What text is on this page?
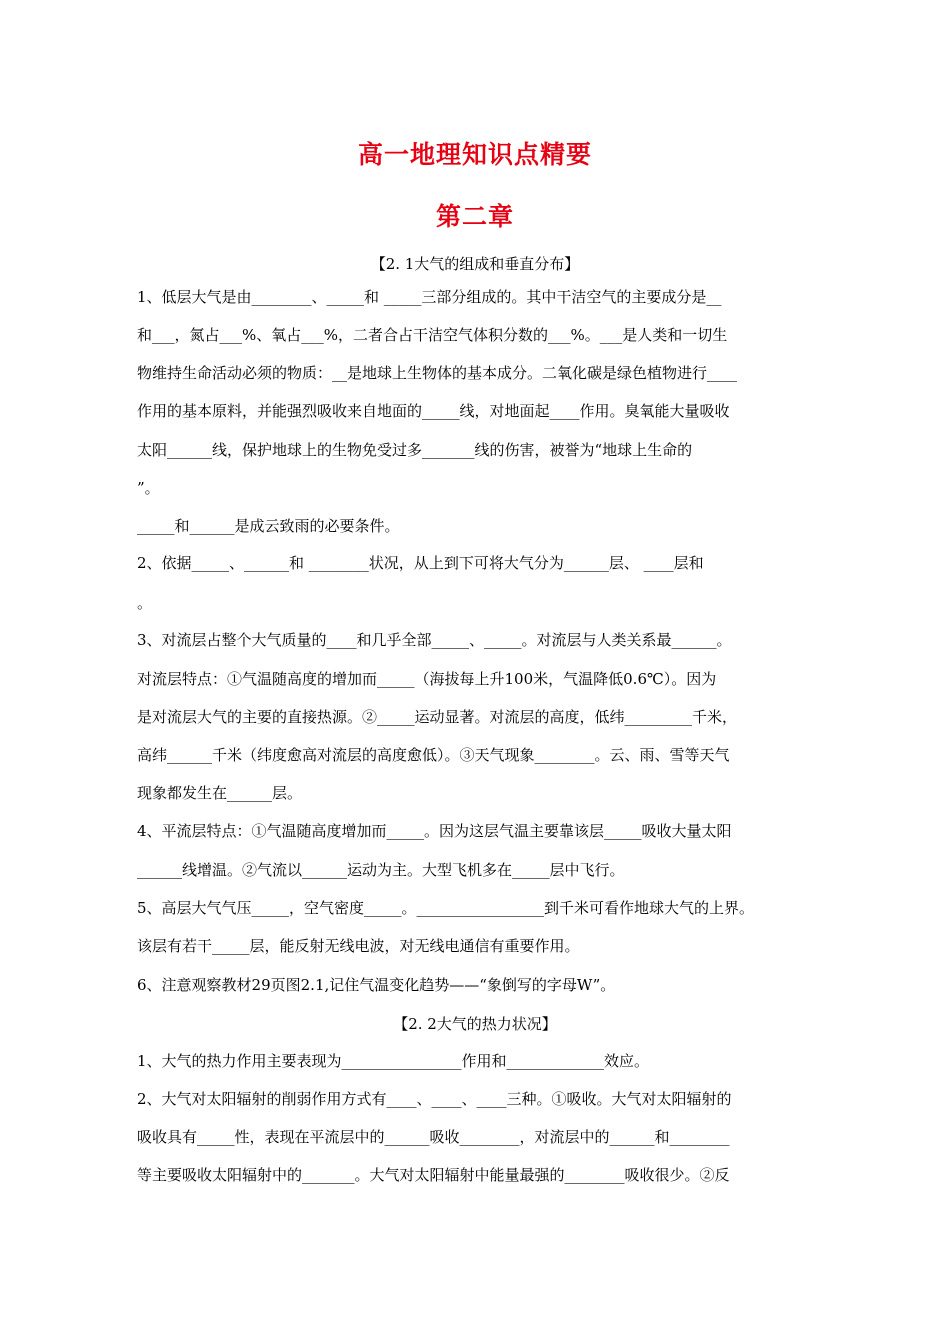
高一地理知识点精要
第二章
【2. 1大气的组成和垂直分布】
1、低层大气是由________、_____和 _____三部分组成的。其中干洁空气的主要成分是__
和___，氮占___%、氧占___%，二者合占干洁空气体积分数的___%。___是人类和一切生
物维持生命活动必须的物质：__是地球上生物体的基本成分。二氧化碳是绿色植物进行____
作用的基本原料，并能强烈吸收来自地面的_____线，对地面起____作用。臭氧能大量吸收
太阳______线，保护地球上的生物免受过多_______线的伤害，被誉为“地球上生命的
”。
_____和______是成云致雨的必要条件。
2、依据_____、______和 ________状况，从上到下可将大气分为______层、 ____层和
。
3、对流层占整个大气质量的____和几乎全部_____、_____。对流层与人类关系最______。
对流层特点：①气温随高度的增加而_____（海拔每上升100米，气温降低0.6℃）。因为
是对流层大气的主要的直接热源。②_____运动显著。对流层的高度，低纬_________千米，
高纬______千米（纬度愈高对流层的高度愈低）。③天气现象________。云、雨、雪等天气
现象都发生在______层。
4、平流层特点：①气温随高度增加而_____。因为这层气温主要靠该层_____吸收大量太阳
______线增温。②气流以______运动为主。大型飞机多在_____层中飞行。
5、高层大气气压_____，空气密度_____。_________________到千米可看作地球大气的上界。
该层有若干_____层，能反射无线电波，对无线电通信有重要作用。
6、注意观察教材29页图2.1,记住气温变化趋势——“象倒写的字母W”。
【2. 2大气的热力状况】
1、大气的热力作用主要表现为________________作用和_____________效应。
2、大气对太阳辐射的削弱作用方式有____、____、____三种。①吸收。大气对太阳辐射的
吸收具有_____性，表现在平流层中的______吸收________，对流层中的______和________
等主要吸收太阳辐射中的_______。大气对太阳辐射中能量最强的________吸收很少。②反
